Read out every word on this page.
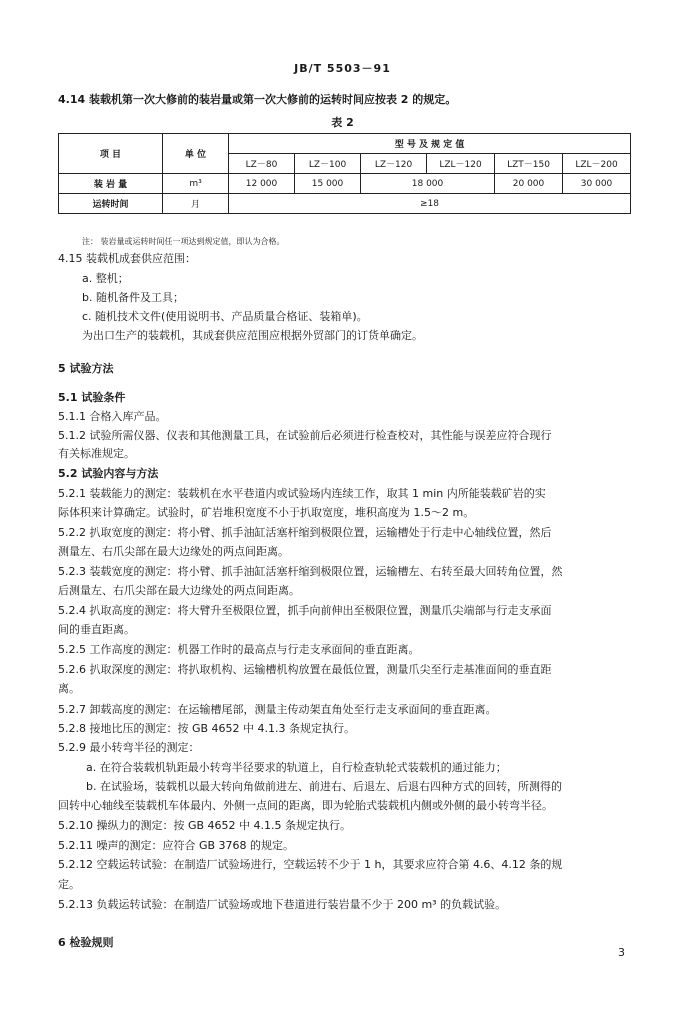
JB/T 5503－91
4.14 装载机第一次大修前的装岩量或第一次大修前的运转时间应按表 2 的规定。
表 2
项 目	单 位	型 号 及 规 定 值					
		LZ－80	LZ－100	LZ－120	LZL－120	LZT－150	LZL－200
装 岩 量	m³	12 000	15 000	18 000		20 000	30 000
运转时间	月	≥18					
注： 装岩量或运转时间任一项达到规定值，即认为合格。
4.15 装载机成套供应范围：
a. 整机；
b. 随机备件及工具；
c. 随机技术文件(使用说明书、产品质量合格证、装箱单)。
为出口生产的装载机，其成套供应范围应根据外贸部门的订货单确定。
5 试验方法
5.1 试验条件
5.1.1 合格入库产品。
5.1.2 试验所需仪器、仪表和其他测量工具，在试验前后必须进行检查校对，其性能与误差应符合现行
有关标准规定。
5.2 试验内容与方法
5.2.1 装载能力的测定：装载机在水平巷道内或试验场内连续工作，取其 1 min 内所能装载矿岩的实
际体积来计算确定。试验时，矿岩堆积宽度不小于扒取宽度，堆积高度为 1.5～2 m。
5.2.2 扒取宽度的测定：将小臂、抓手油缸活塞杆缩到极限位置，运输槽处于行走中心轴线位置，然后
测量左、右爪尖部在最大边缘处的两点间距离。
5.2.3 装载宽度的测定：将小臂、抓手油缸活塞杆缩到极限位置，运输槽左、右转至最大回转角位置，然
后测量左、右爪尖部在最大边缘处的两点间距离。
5.2.4 扒取高度的测定：将大臂升至极限位置，抓手向前伸出至极限位置，测量爪尖端部与行走支承面
间的垂直距离。
5.2.5 工作高度的测定：机器工作时的最高点与行走支承面间的垂直距离。
5.2.6 扒取深度的测定：将扒取机构、运输槽机构放置在最低位置，测量爪尖至行走基准面间的垂直距
离。
5.2.7 卸载高度的测定：在运输槽尾部，测量主传动架直角处至行走支承面间的垂直距离。
5.2.8 接地比压的测定：按 GB 4652 中 4.1.3 条规定执行。
5.2.9 最小转弯半径的测定：
a. 在符合装载机轨距最小转弯半径要求的轨道上，自行检查轨轮式装载机的通过能力；
b. 在试验场，装载机以最大转向角做前进左、前进右、后退左、后退右四种方式的回转，所测得的
回转中心轴线至装载机车体最内、外侧一点间的距离，即为轮胎式装载机内侧或外侧的最小转弯半径。
5.2.10 操纵力的测定：按 GB 4652 中 4.1.5 条规定执行。
5.2.11 噪声的测定：应符合 GB 3768 的规定。
5.2.12 空载运转试验：在制造厂试验场进行，空载运转不少于 1 h，其要求应符合第 4.6、4.12 条的规
定。
5.2.13 负载运转试验：在制造厂试验场或地下巷道进行装岩量不少于 200 m³ 的负载试验。
6 检验规则
3
